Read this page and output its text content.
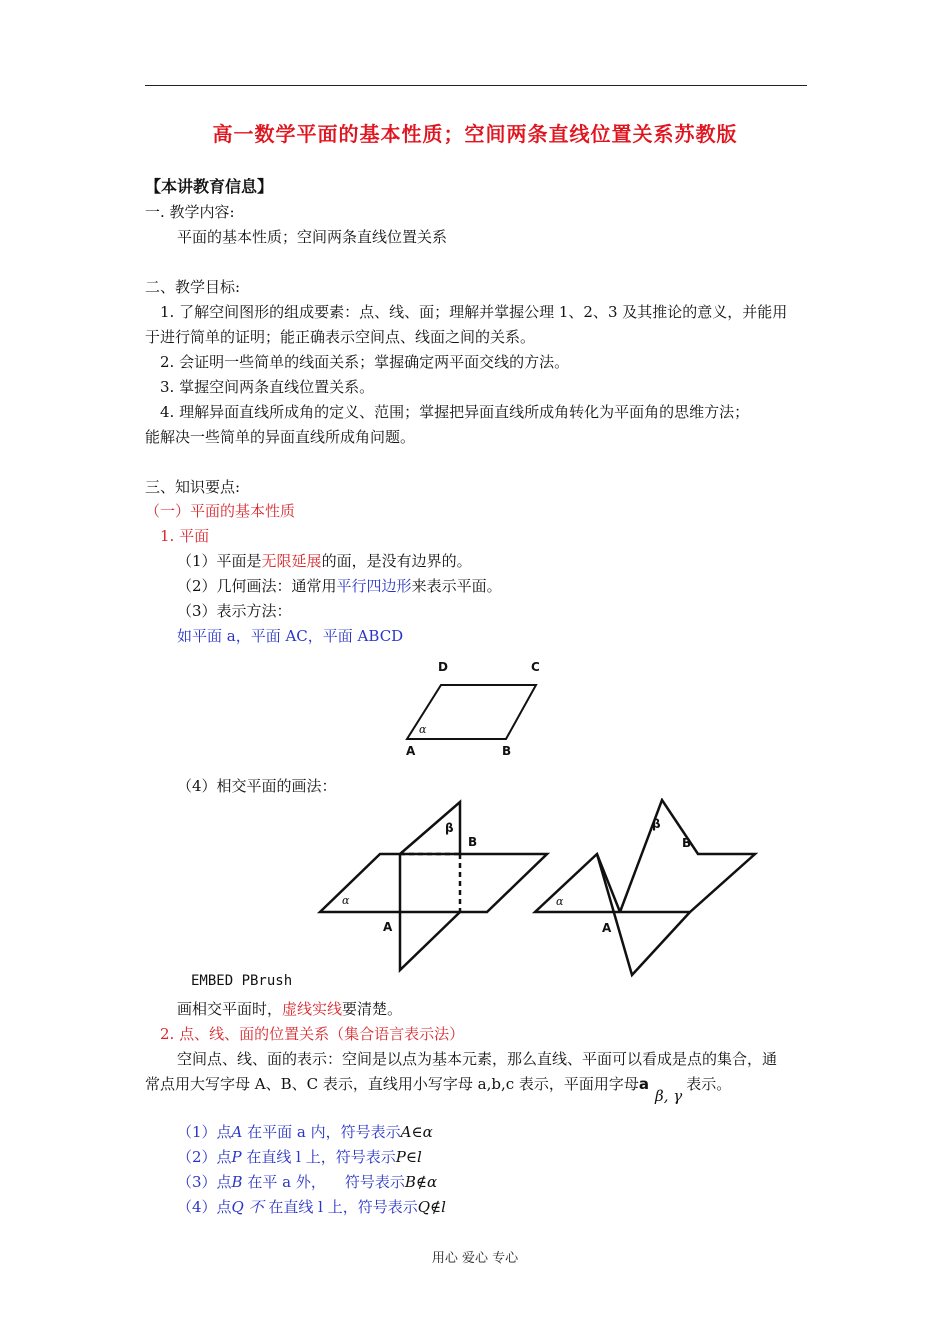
高一数学平面的基本性质；空间两条直线位置关系苏教版
【本讲教育信息】
一. 教学内容:
平面的基本性质；空间两条直线位置关系
二、教学目标:
1. 了解空间图形的组成要素：点、线、面；理解并掌握公理 1、2、3 及其推论的意义，并能用
于进行简单的证明；能正确表示空间点、线面之间的关系。
2. 会证明一些简单的线面关系；掌握确定两平面交线的方法。
3. 掌握空间两条直线位置关系。
4. 理解异面直线所成角的定义、范围；掌握把异面直线所成角转化为平面角的思维方法；
能解决一些简单的异面直线所成角问题。
三、知识要点:
（一）平面的基本性质
1. 平面
（1）平面是无限延展的面，是没有边界的。
（2）几何画法：通常用平行四边形来表示平面。
（3）表示方法：
如平面 a，平面 AC，平面 ABCD
D	C
α
A	B
（4）相交平面的画法：
α
β
B
A
α
β
B
A
EMBED PBrush
画相交平面时，虚线实线要清楚。
2. 点、线、面的位置关系（集合语言表示法）
空间点、线、面的表示：空间是以点为基本元素，那么直线、平面可以看成是点的集合，通
常点用大写字母 A、B、C 表示，直线用小写字母 a,b,c 表示，平面用字母aβ, γ表示。
（1）点A 在平面 a 内，符号表示A∈α
（2）点P 在直线 l 上，符号表示P∈l
（3）点B 在平 a 外，    符号表示B∉α
（4）点Q 不 在直线 l 上，符号表示Q∉l
用心 爱心 专心
